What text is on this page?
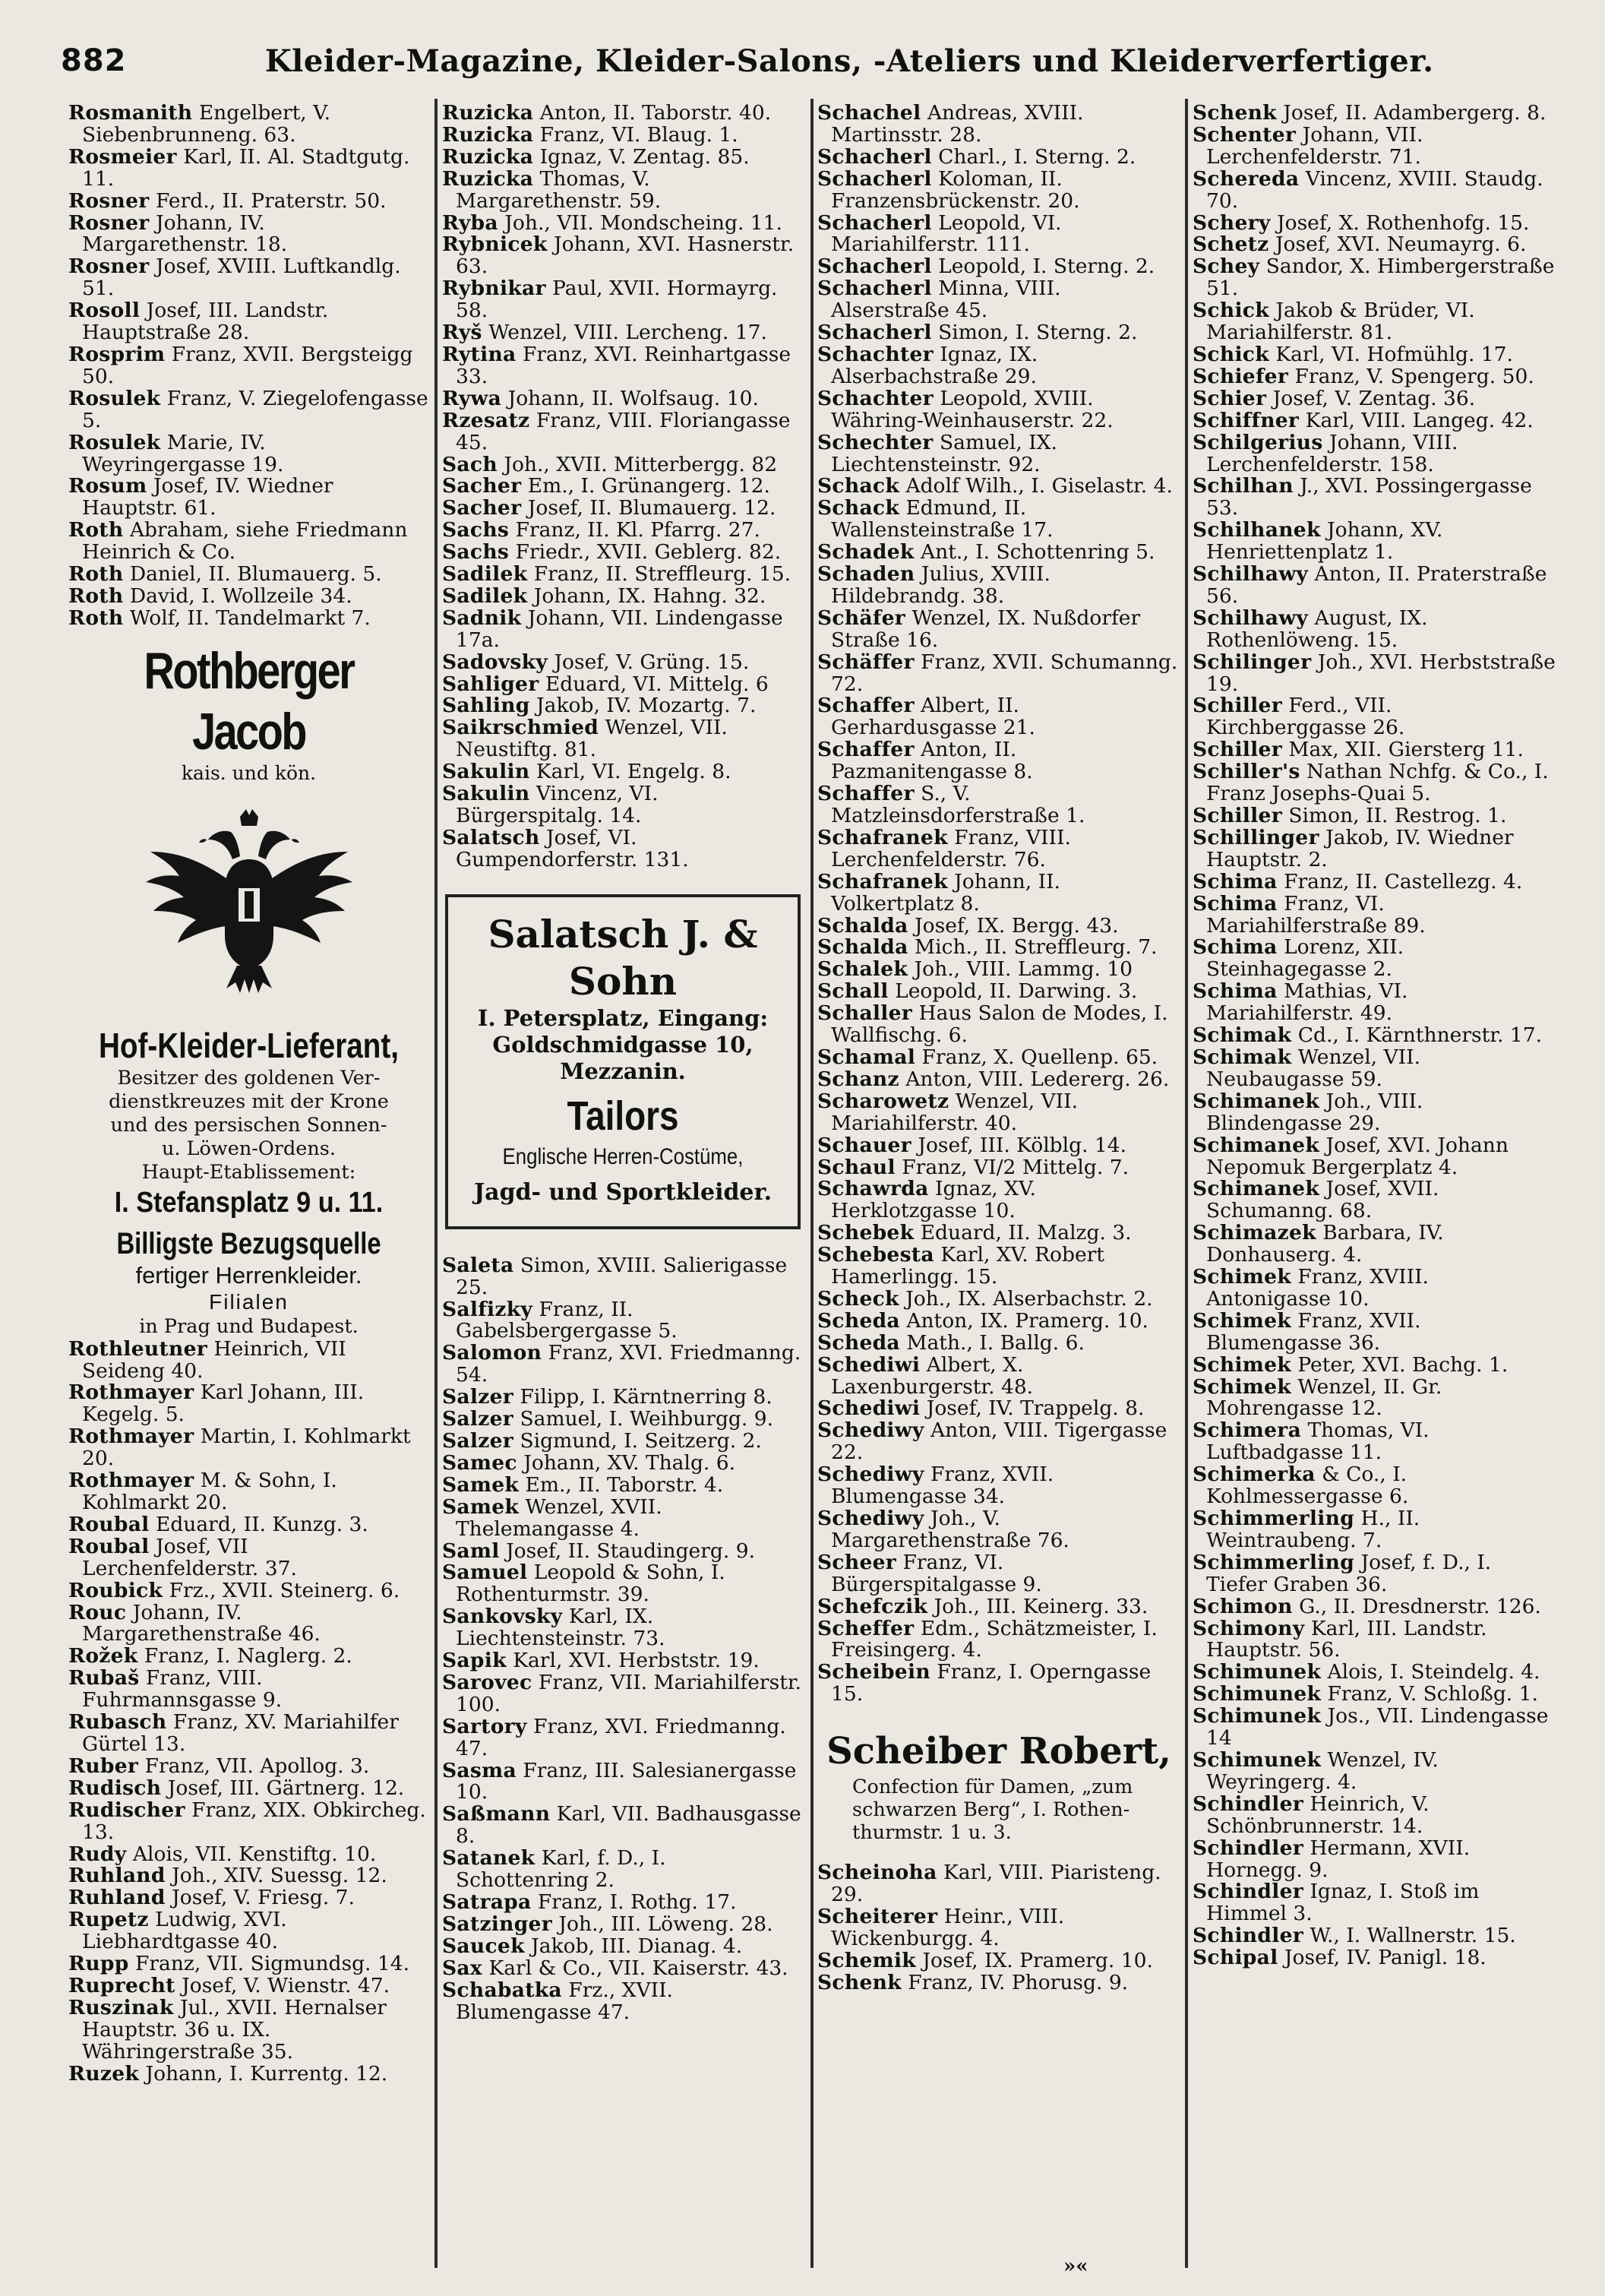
882	Kleider-Magazine, Kleider-Salons, -Ateliers und Kleiderverfertiger.
Rosmanith Engelbert, V. Siebenbrunneng. 63.
Rosmeier Karl, II. Al. Stadtgutg. 11.
Rosner Ferd., II. Praterstr. 50.
Rosner Johann, IV. Margarethenstr. 18.
Rosner Josef, XVIII. Luftkandlg. 51.
Rosoll Josef, III. Landstr. Hauptstraße 28.
Rosprim Franz, XVII. Bergsteigg 50.
Rosulek Franz, V. Ziegelofengasse 5.
Rosulek Marie, IV. Weyringergasse 19.
Rosum Josef, IV. Wiedner Hauptstr. 61.
Roth Abraham, siehe Friedmann Heinrich & Co.
Roth Daniel, II. Blumauerg. 5.
Roth David, I. Wollzeile 34.
Roth Wolf, II. Tandelmarkt 7.
Rothberger Jacob
kais. und kön.
Hof-Kleider-Lieferant,
Besitzer des goldenen Ver-
dienstkreuzes mit der Krone
und des persischen Sonnen-
u. Löwen-Ordens.
Haupt-Etablissement:
I. Stefansplatz 9 u. 11.
Billigste Bezugsquelle
fertiger Herrenkleider.
Filialen
in Prag und Budapest.
Rothleutner Heinrich, VII Seideng 40.
Rothmayer Karl Johann, III. Kegelg. 5.
Rothmayer Martin, I. Kohlmarkt 20.
Rothmayer M. & Sohn, I. Kohlmarkt 20.
Roubal Eduard, II. Kunzg. 3.
Roubal Josef, VII Lerchenfelderstr. 37.
Roubick Frz., XVII. Steinerg. 6.
Rouc Johann, IV. Margarethenstraße 46.
Rožek Franz, I. Naglerg. 2.
Rubaš Franz, VIII. Fuhrmannsgasse 9.
Rubasch Franz, XV. Mariahilfer Gürtel 13.
Ruber Franz, VII. Apollog. 3.
Rudisch Josef, III. Gärtnerg. 12.
Rudischer Franz, XIX. Obkircheg. 13.
Rudy Alois, VII. Kenstiftg. 10.
Ruhland Joh., XIV. Suessg. 12.
Ruhland Josef, V. Friesg. 7.
Rupetz Ludwig, XVI. Liebhardtgasse 40.
Rupp Franz, VII. Sigmundsg. 14.
Ruprecht Josef, V. Wienstr. 47.
Ruszinak Jul., XVII. Hernalser Hauptstr. 36 u. IX. Währingerstraße 35.
Ruzek Johann, I. Kurrentg. 12.
Ruzicka Anton, II. Taborstr. 40.
Ruzicka Franz, VI. Blaug. 1.
Ruzicka Ignaz, V. Zentag. 85.
Ruzicka Thomas, V. Margarethenstr. 59.
Ryba Joh., VII. Mondscheing. 11.
Rybnicek Johann, XVI. Hasnerstr. 63.
Rybnikar Paul, XVII. Hormayrg. 58.
Ryš Wenzel, VIII. Lercheng. 17.
Rytina Franz, XVI. Reinhartgasse 33.
Rywa Johann, II. Wolfsaug. 10.
Rzesatz Franz, VIII. Floriangasse 45.
Sach Joh., XVII. Mitterbergg. 82
Sacher Em., I. Grünangerg. 12.
Sacher Josef, II. Blumauerg. 12.
Sachs Franz, II. Kl. Pfarrg. 27.
Sachs Friedr., XVII. Geblerg. 82.
Sadilek Franz, II. Streffleurg. 15.
Sadilek Johann, IX. Hahng. 32.
Sadnik Johann, VII. Lindengasse 17a.
Sadovsky Josef, V. Grüng. 15.
Sahliger Eduard, VI. Mittelg. 6
Sahling Jakob, IV. Mozartg. 7.
Saikrschmied Wenzel, VII. Neustiftg. 81.
Sakulin Karl, VI. Engelg. 8.
Sakulin Vincenz, VI. Bürgerspitalg. 14.
Salatsch Josef, VI. Gumpendorferstr. 131.
Salatsch J. & Sohn
I. Petersplatz, Eingang: Goldschmidgasse 10, Mezzanin.
Tailors
Englische Herren-Costüme,
Jagd- und Sportkleider.
Saleta Simon, XVIII. Salierigasse 25.
Salfizky Franz, II. Gabelsbergergasse 5.
Salomon Franz, XVI. Friedmanng. 54.
Salzer Filipp, I. Kärntnerring 8.
Salzer Samuel, I. Weihburgg. 9.
Salzer Sigmund, I. Seitzerg. 2.
Samec Johann, XV. Thalg. 6.
Samek Em., II. Taborstr. 4.
Samek Wenzel, XVII. Thelemangasse 4.
Saml Josef, II. Staudingerg. 9.
Samuel Leopold & Sohn, I. Rothenturmstr. 39.
Sankovsky Karl, IX. Liechtensteinstr. 73.
Sapik Karl, XVI. Herbststr. 19.
Sarovec Franz, VII. Mariahilferstr. 100.
Sartory Franz, XVI. Friedmanng. 47.
Sasma Franz, III. Salesianergasse 10.
Saßmann Karl, VII. Badhausgasse 8.
Satanek Karl, f. D., I. Schottenring 2.
Satrapa Franz, I. Rothg. 17.
Satzinger Joh., III. Löweng. 28.
Saucek Jakob, III. Dianag. 4.
Sax Karl & Co., VII. Kaiserstr. 43.
Schabatka Frz., XVII. Blumengasse 47.
Schachel Andreas, XVIII. Martinsstr. 28.
Schacherl Charl., I. Sterng. 2.
Schacherl Koloman, II. Franzensbrückenstr. 20.
Schacherl Leopold, VI. Mariahilferstr. 111.
Schacherl Leopold, I. Sterng. 2.
Schacherl Minna, VIII. Alserstraße 45.
Schacherl Simon, I. Sterng. 2.
Schachter Ignaz, IX. Alserbachstraße 29.
Schachter Leopold, XVIII. Währing-Weinhauserstr. 22.
Schechter Samuel, IX. Liechtensteinstr. 92.
Schack Adolf Wilh., I. Giselastr. 4.
Schack Edmund, II. Wallensteinstraße 17.
Schadek Ant., I. Schottenring 5.
Schaden Julius, XVIII. Hildebrandg. 38.
Schäfer Wenzel, IX. Nußdorfer Straße 16.
Schäffer Franz, XVII. Schumanng. 72.
Schaffer Albert, II. Gerhardusgasse 21.
Schaffer Anton, II. Pazmanitengasse 8.
Schaffer S., V. Matzleinsdorferstraße 1.
Schafranek Franz, VIII. Lerchenfelderstr. 76.
Schafranek Johann, II. Volkertplatz 8.
Schalda Josef, IX. Bergg. 43.
Schalda Mich., II. Streffleurg. 7.
Schalek Joh., VIII. Lammg. 10
Schall Leopold, II. Darwing. 3.
Schaller Haus Salon de Modes, I. Wallfischg. 6.
Schamal Franz, X. Quellenp. 65.
Schanz Anton, VIII. Ledererg. 26.
Scharowetz Wenzel, VII. Mariahilferstr. 40.
Schauer Josef, III. Kölblg. 14.
Schaul Franz, VI/2 Mittelg. 7.
Schawrda Ignaz, XV. Herklotzgasse 10.
Schebek Eduard, II. Malzg. 3.
Schebesta Karl, XV. Robert Hamerlingg. 15.
Scheck Joh., IX. Alserbachstr. 2.
Scheda Anton, IX. Pramerg. 10.
Scheda Math., I. Ballg. 6.
Schediwi Albert, X. Laxenburgerstr. 48.
Schediwi Josef, IV. Trappelg. 8.
Schediwy Anton, VIII. Tigergasse 22.
Schediwy Franz, XVII. Blumengasse 34.
Schediwy Joh., V. Margarethenstraße 76.
Scheer Franz, VI. Bürgerspitalgasse 9.
Schefczik Joh., III. Keinerg. 33.
Scheffer Edm., Schätzmeister, I. Freisingerg. 4.
Scheibein Franz, I. Operngasse 15.
Scheiber Robert,
Confection für Damen, „zum
schwarzen Berg“, I. Rothen-
thurmstr. 1 u. 3.
Scheinoha Karl, VIII. Piaristeng. 29.
Scheiterer Heinr., VIII. Wickenburgg. 4.
Schemik Josef, IX. Pramerg. 10.
Schenk Franz, IV. Phorusg. 9.
Schenk Josef, II. Adambergerg. 8.
Schenter Johann, VII. Lerchenfelderstr. 71.
Schereda Vincenz, XVIII. Staudg. 70.
Schery Josef, X. Rothenhofg. 15.
Schetz Josef, XVI. Neumayrg. 6.
Schey Sandor, X. Himbergerstraße 51.
Schick Jakob & Brüder, VI. Mariahilferstr. 81.
Schick Karl, VI. Hofmühlg. 17.
Schiefer Franz, V. Spengerg. 50.
Schier Josef, V. Zentag. 36.
Schiffner Karl, VIII. Langeg. 42.
Schilgerius Johann, VIII. Lerchenfelderstr. 158.
Schilhan J., XVI. Possingergasse 53.
Schilhanek Johann, XV. Henriettenplatz 1.
Schilhawy Anton, II. Praterstraße 56.
Schilhawy August, IX. Rothenlöweng. 15.
Schilinger Joh., XVI. Herbststraße 19.
Schiller Ferd., VII. Kirchberggasse 26.
Schiller Max, XII. Giersterg 11.
Schiller's Nathan Nchfg. & Co., I. Franz Josephs-Quai 5.
Schiller Simon, II. Restrog. 1.
Schillinger Jakob, IV. Wiedner Hauptstr. 2.
Schima Franz, II. Castellezg. 4.
Schima Franz, VI. Mariahilferstraße 89.
Schima Lorenz, XII. Steinhagegasse 2.
Schima Mathias, VI. Mariahilferstr. 49.
Schimak Cd., I. Kärnthnerstr. 17.
Schimak Wenzel, VII. Neubaugasse 59.
Schimanek Joh., VIII. Blindengasse 29.
Schimanek Josef, XVI. Johann Nepomuk Bergerplatz 4.
Schimanek Josef, XVII. Schumanng. 68.
Schimazek Barbara, IV. Donhauserg. 4.
Schimek Franz, XVIII. Antonigasse 10.
Schimek Franz, XVII. Blumengasse 36.
Schimek Peter, XVI. Bachg. 1.
Schimek Wenzel, II. Gr. Mohrengasse 12.
Schimera Thomas, VI. Luftbadgasse 11.
Schimerka & Co., I. Kohlmessergasse 6.
Schimmerling H., II. Weintraubeng. 7.
Schimmerling Josef, f. D., I. Tiefer Graben 36.
Schimon G., II. Dresdnerstr. 126.
Schimony Karl, III. Landstr. Hauptstr. 56.
Schimunek Alois, I. Steindelg. 4.
Schimunek Franz, V. Schloßg. 1.
Schimunek Jos., VII. Lindengasse 14
Schimunek Wenzel, IV. Weyringerg. 4.
Schindler Heinrich, V. Schönbrunnerstr. 14.
Schindler Hermann, XVII. Hornegg. 9.
Schindler Ignaz, I. Stoß im Himmel 3.
Schindler W., I. Wallnerstr. 15.
Schipal Josef, IV. Panigl. 18.
»«
